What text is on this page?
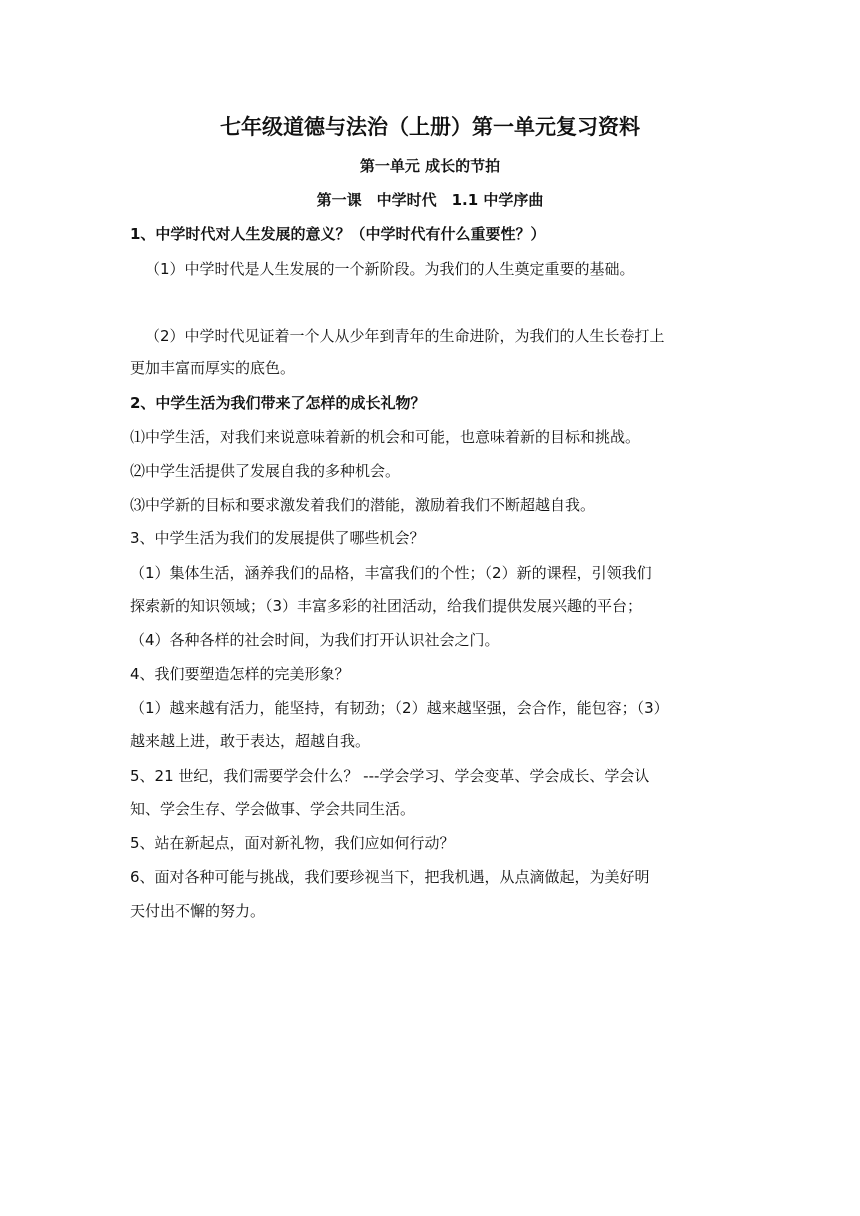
七年级道德与法治（上册）第一单元复习资料
第一单元 成长的节拍
第一课　中学时代　1.1 中学序曲
1、中学时代对人生发展的意义？（中学时代有什么重要性？）
（1）中学时代是人生发展的一个新阶段。为我们的人生奠定重要的基础。
（2）中学时代见证着一个人从少年到青年的生命进阶，为我们的人生长卷打上
更加丰富而厚实的底色。
2、中学生活为我们带来了怎样的成长礼物？
⑴中学生活，对我们来说意味着新的机会和可能，也意味着新的目标和挑战。
⑵中学生活提供了发展自我的多种机会。
⑶中学新的目标和要求激发着我们的潜能，激励着我们不断超越自我。
3、中学生活为我们的发展提供了哪些机会？
（1）集体生活，涵养我们的品格，丰富我们的个性；（2）新的课程，引领我们
探索新的知识领域；（3）丰富多彩的社团活动，给我们提供发展兴趣的平台；
（4）各种各样的社会时间，为我们打开认识社会之门。
4、我们要塑造怎样的完美形象？
（1）越来越有活力，能坚持，有韧劲；（2）越来越坚强，会合作，能包容；（3）
越来越上进，敢于表达，超越自我。
5、21 世纪，我们需要学会什么？ ---学会学习、学会变革、学会成长、学会认
知、学会生存、学会做事、学会共同生活。
5、站在新起点，面对新礼物，我们应如何行动？
6、面对各种可能与挑战，我们要珍视当下，把我机遇，从点滴做起，为美好明
天付出不懈的努力。
